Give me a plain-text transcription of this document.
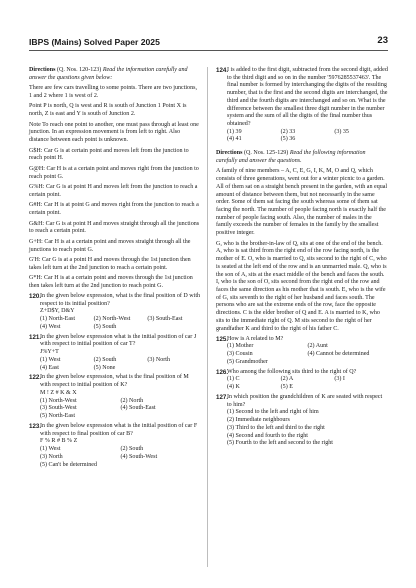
IBPS (Mains) Solved Paper 2025	23

Directions (Q. Nos. 120-123) Read the information carefully and answer the questions given below:

There are few cars travelling to some points. There are two junctions, 1 and 2 where 1 is west of 2.

Point P is north, Q is west and R is south of Junction 1 Point X is north, Z is east and Y is south of Junction 2.

Note To reach one point to another, one must pass through at least one junction. In an expression movement is from left to right. Also distance between each point is unknown.

G$H: Car G is at certain point and moves left from the junction to reach point H.

G@H: Car H is at a certain point and moves right from the junction to reach point G.

G%H: Car G is at point H and moves left from the junction to reach a certain point.

G#H: Car H is at point G and moves right from the junction to reach a certain point.

G&H: Car G is at point H and moves straight through all the junctions to reach a certain point.

G+H: Car H is at a certain point and moves straight through all the junctions to reach point G.

G'H: Car G is at a point H and moves through the 1st junction then takes left turn at the 2nd junction to reach a certain point.

G*H: Car H is at a certain point and moves through the 1st junction then takes left turn at the 2nd junction to reach point G.

120.

In the given below expression, what is the final position of D with respect to its initial position?

Z+D$Y, D&Y

(1) North-East	(2) North-West	(3) South-East
(4) West	(5) South
121.

In the given below expression what is the initial position of car J with respect to initial position of car T?

J%Y+T

(1) West	(2) South	(3) North
(4) East	(5) None
122.

In the given below expression, what is the final position of M with respect to initial position of K?

M ! Z # K & X

(1) North-West	(2) North
(3) South-West	(4) South-East
(5) North-East
123.

In the given below expression what is the initial position of car F with respect to final position of car B?

F % R # B % Z

(1) West	(2) South
(3) North	(4) South-West
(5) Can't be determined
124.

I is added to the first digit, subtracted from the second digit, added to the third digit and so on in the number '5976285537463'. The final number is formed by interchanging the digits of the resulting number, that is the first and the second digits are interchanged, the third and the fourth digits are interchanged and so on. What is the difference between the smallest three digit number in the number system and the sum of all the digits of the final number thus obtained?

(1) 39	(2) 33	(3) 35
(4) 41	(5) 36

Directions (Q. Nos. 125-129) Read the following information carefully and answer the questions.

A family of nine members – A, C, E, G, I, K, M, O and Q, which consists of three generations, went out for a winter picnic to a garden. All of them sat on a straight bench present in the garden, with an equal amount of distance between them, but not necessarily in the same order. Some of them sat facing the south whereas some of them sat facing the north. The number of people facing north is exactly half the number of people facing south. Also, the number of males in the family exceeds the number of females in the family by the smallest positive integer.

G, who is the brother-in-law of Q, sits at one of the end of the bench. A, who is sat third from the right end of the row facing north, is the mother of E. O, who is married to Q, sits second to the right of C, who is seated at the left end of the row and is an unmarried male. Q, who is the son of A, sits at the exact middle of the bench and faces the south. I, who is the son of O, sits second from the right end of the row and faces the same direction as his mother that is south. E, who is the wife of G, sits seventh to the right of her husband and faces south. The persons who are sat the extreme ends of the row, face the opposite directions. C is the elder brother of Q and E. A is married to K, who sits to the immediate right of Q. M sits second to the right of her grandfather K and third to the right of his father C.

125.

How is A related to M?

(1) Mother	(2) Aunt
(3) Cousin	(4) Cannot be determined
(5) Grandmother
126.

Who among the following sits third to the right of Q?

(1) C	(2) A	(3) I
(4) K	(5) E
127.

In which position the grandchildren of K are seated with respect to him?

(1) Second to the left and right of him
(2) Immediate neighbours
(3) Third to the left and third to the right
(4) Second and fourth to the right
(5) Fourth to the left and second to the right
